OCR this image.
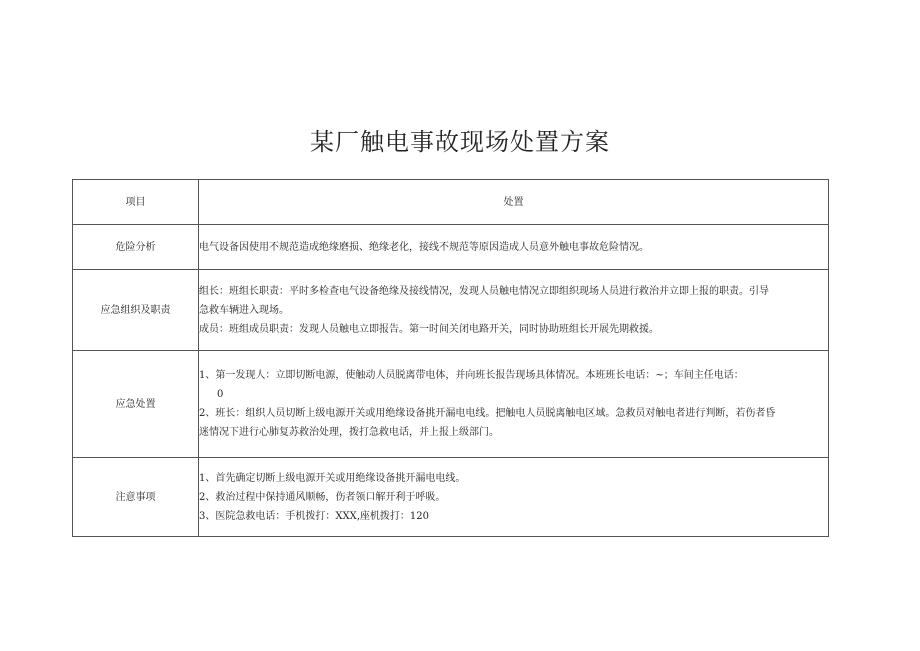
某厂触电事故现场处置方案
项目	处置
危险分析	电气设备因使用不规范造成绝缘磨损、绝缘老化，接线不规范等原因造成人员意外触电事故危险情况。

应急组织及职责	组长：班组长职责：平时多检查电气设备绝缘及接线情况，发现人员触电情况立即组织现场人员进行救治并立即上报的职责。引导
急救车辆进入现场。
成员：班组成员职责：发现人员触电立即报告。第一时间关闭电路开关，同时协助班组长开展先期救援。

应急处置	1、第一发现人：立即切断电源，使触动人员脱离带电体，并向班长报告现场具体情况。本班班长电话：~；车间主任电话：
0
2、班长：组织人员切断上级电源开关或用绝缘设备挑开漏电电线。把触电人员脱离触电区域。急救员对触电者进行判断，若伤者昏
迷情况下进行心肺复苏救治处理，拨打急救电话，并上报上级部门。

注意事项	1、首先确定切断上级电源开关或用绝缘设备挑开漏电电线。
2、救治过程中保持通风顺畅，伤者领口解开利于呼吸。
3、医院急救电话：手机拨打：XXX,座机拨打：120
